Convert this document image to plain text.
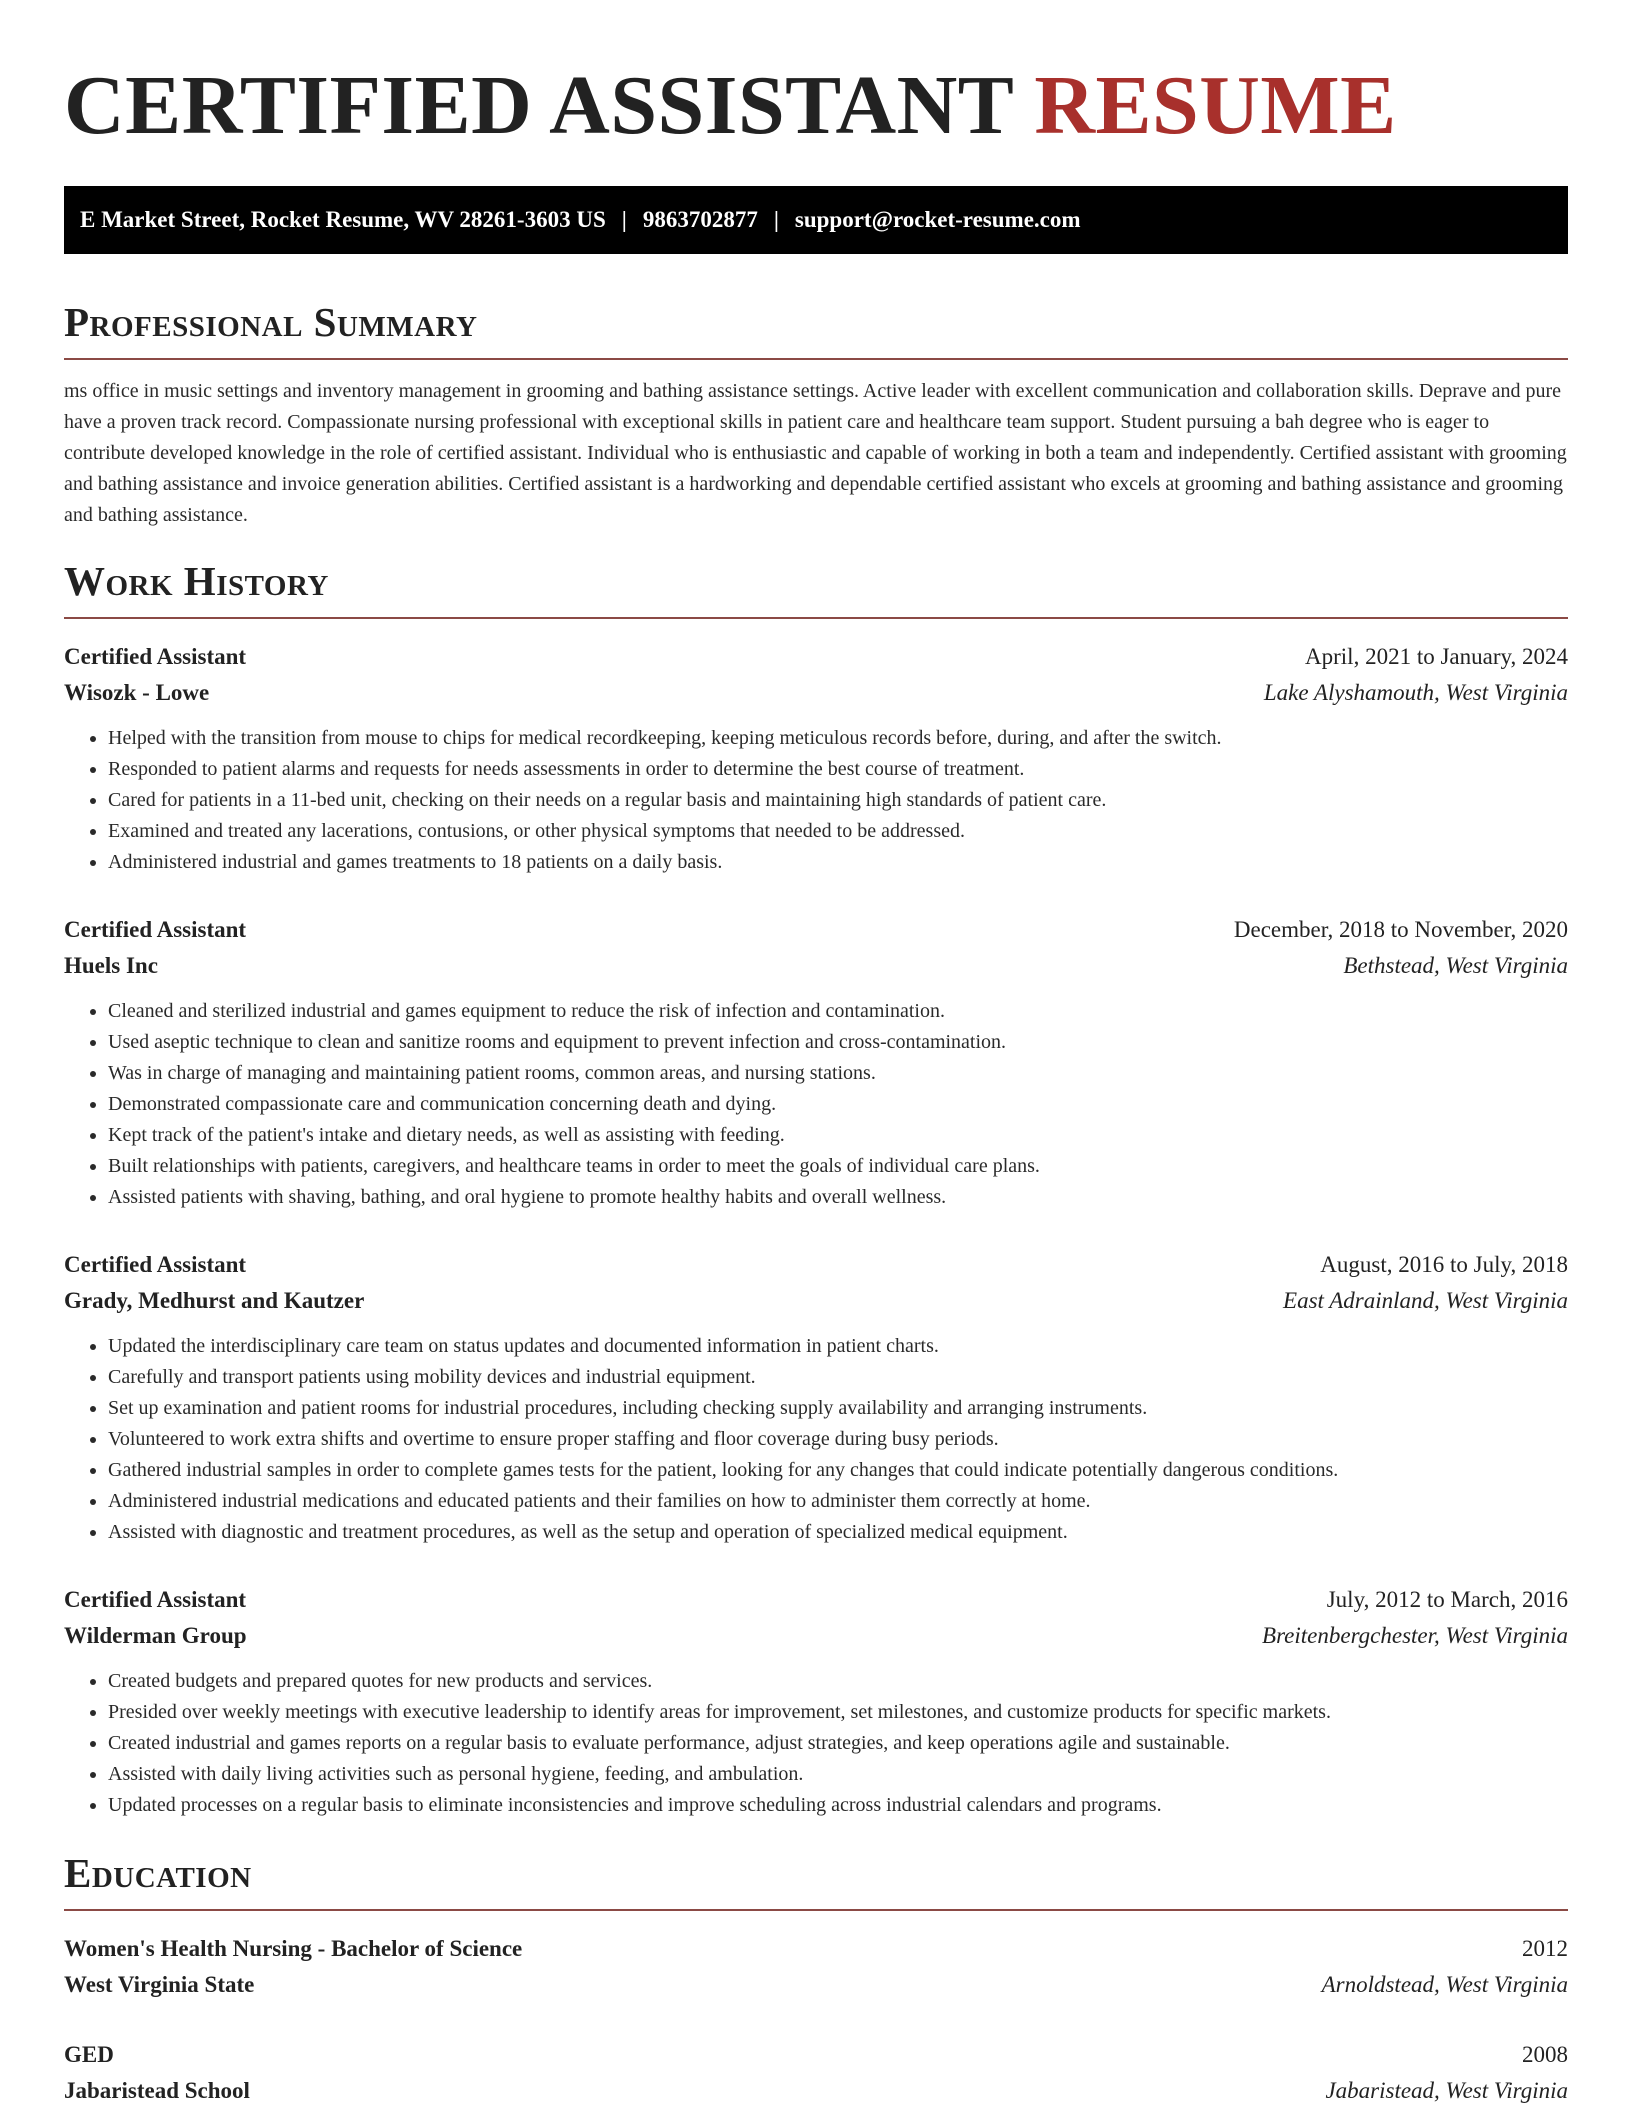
CERTIFIED ASSISTANT RESUME
E Market Street, Rocket Resume, WV 28261-3603 US | 9863702877 | support@rocket-resume.com
Professional Summary

ms office in music settings and inventory management in grooming and bathing assistance settings. Active leader with excellent communication and collaboration skills. Deprave and pure have a proven track record. Compassionate nursing professional with exceptional skills in patient care and healthcare team support. Student pursuing a bah degree who is eager to contribute developed knowledge in the role of certified assistant. Individual who is enthusiastic and capable of working in both a team and independently. Certified assistant with grooming and bathing assistance and invoice generation abilities. Certified assistant is a hardworking and dependable certified assistant who excels at grooming and bathing assistance and grooming and bathing assistance.

Work History
Certified Assistant	April, 2021 to January, 2024
Wisozk - Lowe	Lake Alyshamouth, West Virginia
• Helped with the transition from mouse to chips for medical recordkeeping, keeping meticulous records before, during, and after the switch.
• Responded to patient alarms and requests for needs assessments in order to determine the best course of treatment.
• Cared for patients in a 11-bed unit, checking on their needs on a regular basis and maintaining high standards of patient care.
• Examined and treated any lacerations, contusions, or other physical symptoms that needed to be addressed.
• Administered industrial and games treatments to 18 patients on a daily basis.
Certified Assistant	December, 2018 to November, 2020
Huels Inc	Bethstead, West Virginia
• Cleaned and sterilized industrial and games equipment to reduce the risk of infection and contamination.
• Used aseptic technique to clean and sanitize rooms and equipment to prevent infection and cross-contamination.
• Was in charge of managing and maintaining patient rooms, common areas, and nursing stations.
• Demonstrated compassionate care and communication concerning death and dying.
• Kept track of the patient's intake and dietary needs, as well as assisting with feeding.
• Built relationships with patients, caregivers, and healthcare teams in order to meet the goals of individual care plans.
• Assisted patients with shaving, bathing, and oral hygiene to promote healthy habits and overall wellness.
Certified Assistant	August, 2016 to July, 2018
Grady, Medhurst and Kautzer	East Adrainland, West Virginia
• Updated the interdisciplinary care team on status updates and documented information in patient charts.
• Carefully and transport patients using mobility devices and industrial equipment.
• Set up examination and patient rooms for industrial procedures, including checking supply availability and arranging instruments.
• Volunteered to work extra shifts and overtime to ensure proper staffing and floor coverage during busy periods.
• Gathered industrial samples in order to complete games tests for the patient, looking for any changes that could indicate potentially dangerous conditions.
• Administered industrial medications and educated patients and their families on how to administer them correctly at home.
• Assisted with diagnostic and treatment procedures, as well as the setup and operation of specialized medical equipment.
Certified Assistant	July, 2012 to March, 2016
Wilderman Group	Breitenbergchester, West Virginia
• Created budgets and prepared quotes for new products and services.
• Presided over weekly meetings with executive leadership to identify areas for improvement, set milestones, and customize products for specific markets.
• Created industrial and games reports on a regular basis to evaluate performance, adjust strategies, and keep operations agile and sustainable.
• Assisted with daily living activities such as personal hygiene, feeding, and ambulation.
• Updated processes on a regular basis to eliminate inconsistencies and improve scheduling across industrial calendars and programs.
Education
Women's Health Nursing - Bachelor of Science	2012
West Virginia State	Arnoldstead, West Virginia
GED	2008
Jabaristead School	Jabaristead, West Virginia
